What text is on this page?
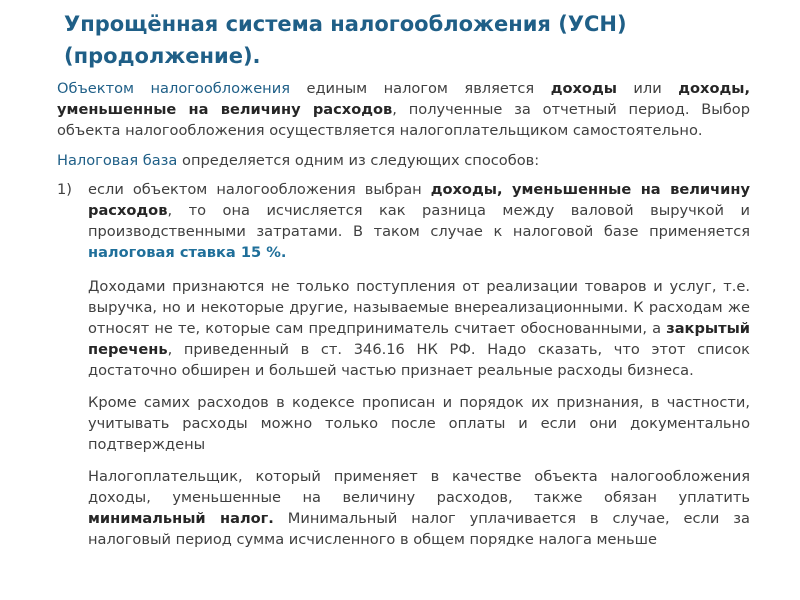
Упрощённая система налогообложения (УСН) (продолжение).

Объектом налогообложения единым налогом является доходы или доходы, уменьшенные на величину расходов, полученные за отчетный период. Выбор объекта налогообложения осуществляется налогоплательщиком самостоятельно.

Налоговая база определяется одним из следующих способов:

1)	если объектом налогообложения выбран доходы, уменьшенные на величину расходов, то она исчисляется как разница между валовой выручкой и производственными затратами. В таком случае к налоговой базе применяется налоговая ставка 15 %.

Доходами признаются не только поступления от реализации товаров и услуг, т.е. выручка, но и некоторые другие, называемые внереализационными. К расходам же относят не те, которые сам предприниматель считает обоснованными, а закрытый перечень, приведенный в ст. 346.16 НК РФ. Надо сказать, что этот список достаточно обширен и большей частью признает реальные расходы бизнеса.

Кроме самих расходов в кодексе прописан и порядок их признания, в частности, учитывать расходы можно только после оплаты и если они документально подтверждены

Налогоплательщик, который применяет в качестве объекта налогообложения доходы, уменьшенные на величину расходов, также обязан уплатить минимальный налог. Минимальный налог уплачивается в случае, если за налоговый период сумма исчисленного в общем порядке налога меньше
